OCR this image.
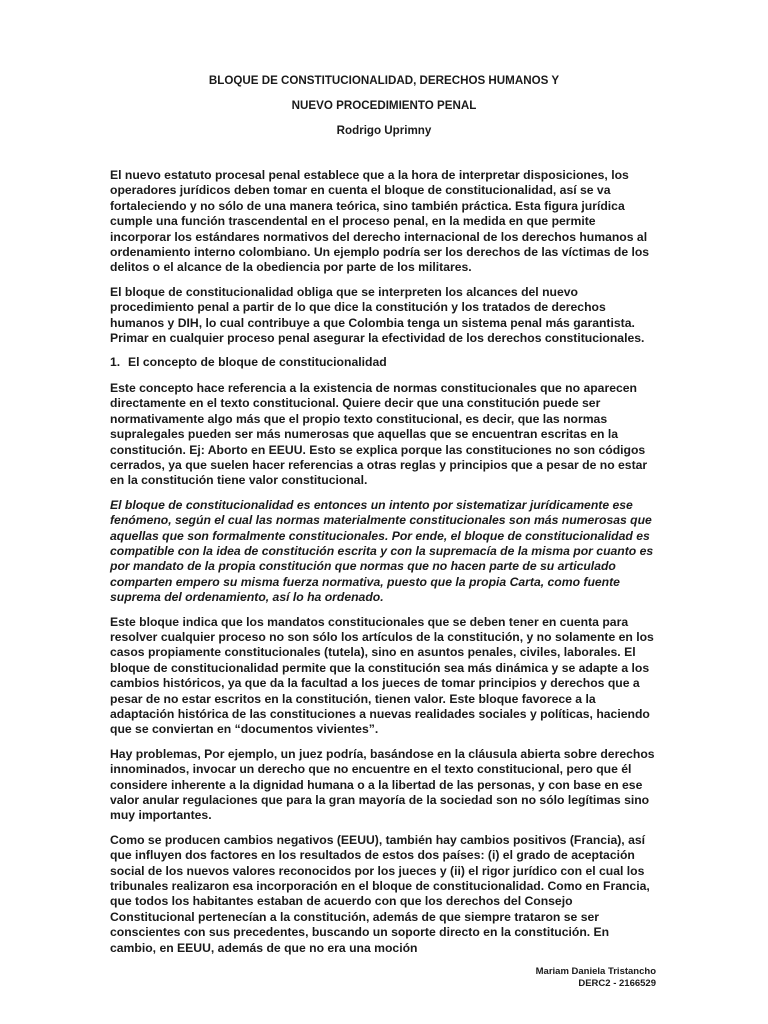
BLOQUE DE CONSTITUCIONALIDAD, DERECHOS HUMANOS Y
NUEVO PROCEDIMIENTO PENAL
Rodrigo Uprimny

El nuevo estatuto procesal penal establece que a la hora de interpretar disposiciones, los operadores jurídicos deben tomar en cuenta el bloque de constitucionalidad, así se va fortaleciendo y no sólo de una manera teórica, sino también práctica. Esta figura jurídica cumple una función trascendental en el proceso penal, en la medida en que permite incorporar los estándares normativos del derecho internacional de los derechos humanos al ordenamiento interno colombiano. Un ejemplo podría ser los derechos de las víctimas de los delitos o el alcance de la obediencia por parte de los militares.

El bloque de constitucionalidad obliga que se interpreten los alcances del nuevo procedimiento penal a partir de lo que dice la constitución y los tratados de derechos humanos y DIH, lo cual contribuye a que Colombia tenga un sistema penal más garantista. Primar en cualquier proceso penal asegurar la efectividad de los derechos constitucionales.

1. El concepto de bloque de constitucionalidad

Este concepto hace referencia a la existencia de normas constitucionales que no aparecen directamente en el texto constitucional. Quiere decir que una constitución puede ser normativamente algo más que el propio texto constitucional, es decir, que las normas supralegales pueden ser más numerosas que aquellas que se encuentran escritas en la constitución. Ej: Aborto en EEUU. Esto se explica porque las constituciones no son códigos cerrados, ya que suelen hacer referencias a otras reglas y principios que a pesar de no estar en la constitución tiene valor constitucional.

El bloque de constitucionalidad es entonces un intento por sistematizar jurídicamente ese fenómeno, según el cual las normas materialmente constitucionales son más numerosas que aquellas que son formalmente constitucionales. Por ende, el bloque de constitucionalidad es compatible con la idea de constitución escrita y con la supremacía de la misma por cuanto es por mandato de la propia constitución que normas que no hacen parte de su articulado comparten empero su misma fuerza normativa, puesto que la propia Carta, como fuente suprema del ordenamiento, así lo ha ordenado.

Este bloque indica que los mandatos constitucionales que se deben tener en cuenta para resolver cualquier proceso no son sólo los artículos de la constitución, y no solamente en los casos propiamente constitucionales (tutela), sino en asuntos penales, civiles, laborales. El bloque de constitucionalidad permite que la constitución sea más dinámica y se adapte a los cambios históricos, ya que da la facultad a los jueces de tomar principios y derechos que a pesar de no estar escritos en la constitución, tienen valor. Este bloque favorece a la adaptación histórica de las constituciones a nuevas realidades sociales y políticas, haciendo que se conviertan en “documentos vivientes”.

Hay problemas, Por ejemplo, un juez podría, basándose en la cláusula abierta sobre derechos innominados, invocar un derecho que no encuentre en el texto constitucional, pero que él considere inherente a la dignidad humana o a la libertad de las personas, y con base en ese valor anular regulaciones que para la gran mayoría de la sociedad son no sólo legítimas sino muy importantes.

Como se producen cambios negativos (EEUU), también hay cambios positivos (Francia), así que influyen dos factores en los resultados de estos dos países: (i) el grado de aceptación social de los nuevos valores reconocidos por los jueces y (ii) el rigor jurídico con el cual los tribunales realizaron esa incorporación en el bloque de constitucionalidad. Como en Francia, que todos los habitantes estaban de acuerdo con que los derechos del Consejo Constitucional pertenecían a la constitución, además de que siempre trataron se ser conscientes con sus precedentes, buscando un soporte directo en la constitución. En cambio, en EEUU, además de que no era una moción

Mariam Daniela Tristancho
DERC2 - 2166529
